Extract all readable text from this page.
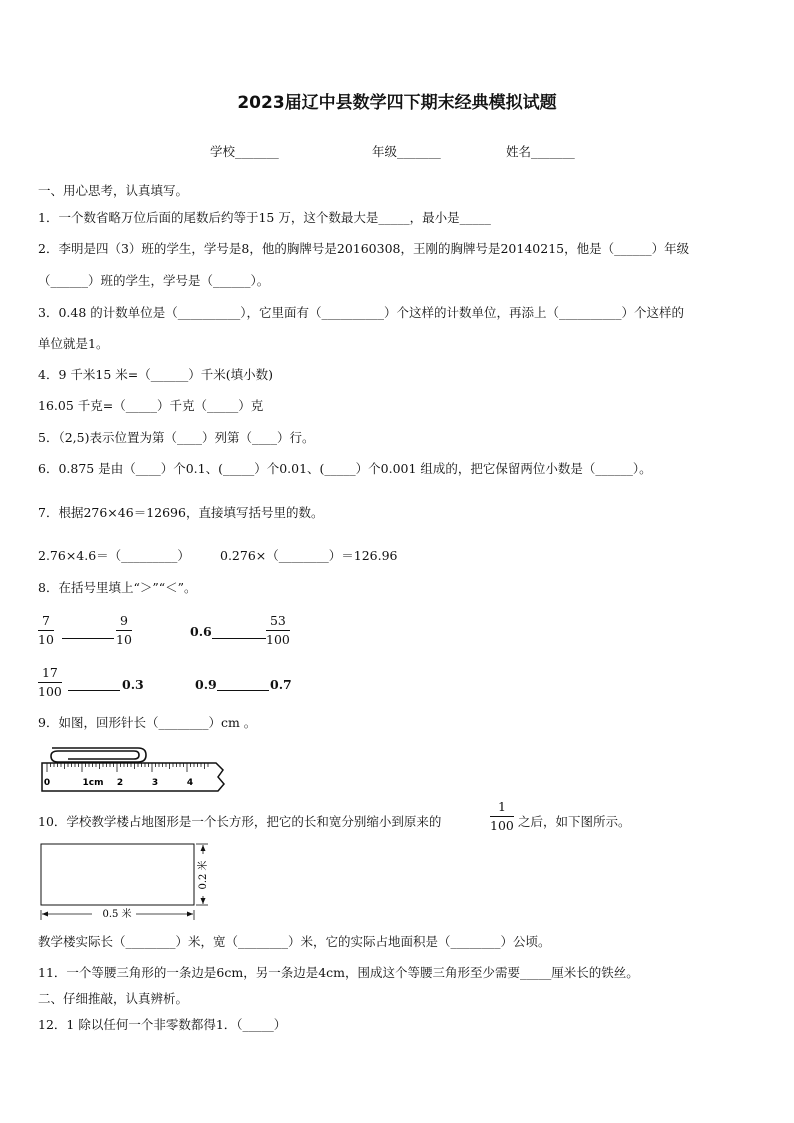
2023届辽中县数学四下期末经典模拟试题
学校_______	年级_______	姓名_______
一、用心思考，认真填写。
1．一个数省略万位后面的尾数后约等于15 万，这个数最大是_____，最小是_____
2．李明是四（3）班的学生，学号是8，他的胸牌号是20160308，王刚的胸牌号是20140215，他是（______）年级
（______）班的学生，学号是（______）。
3．0.48 的计数单位是（__________），它里面有（__________）个这样的计数单位，再添上（__________）个这样的
单位就是1。
4．9 千米15 米=（______）千米(填小数)
16.05 千克=（_____）千克（_____）克
5．（2,5)表示位置为第（____）列第（____）行。
6．0.875 是由（____）个0.1、(_____）个0.01、(_____）个0.001 组成的，把它保留两位小数是（______）。
7．根据276×46＝12696，直接填写括号里的数。
2.76×4.6＝（_________） 0.276×（________）＝126.96
8．在括号里填上“＞”“＜”。
$\frac{7}{10}$	$\frac{9}{10}$	0.6	$\frac{53}{100}$
$\frac{17}{100}$	0.3	0.9	0.7
9．如图，回形针长（________）cm 。
0	1cm 2	3	4
10．学校教学楼占地图形是一个长方形，把它的长和宽分别缩小到原来的	$\frac{1}{100}$ 之后，如下图所示。
0.5 米
0.2 米
教学楼实际长（________）米，宽（________）米，它的实际占地面积是（________）公顷。
11．一个等腰三角形的一条边是6cm，另一条边是4cm，围成这个等腰三角形至少需要_____厘米长的铁丝。
二、仔细推敲，认真辨析。
12．1 除以任何一个非零数都得1．（_____）
